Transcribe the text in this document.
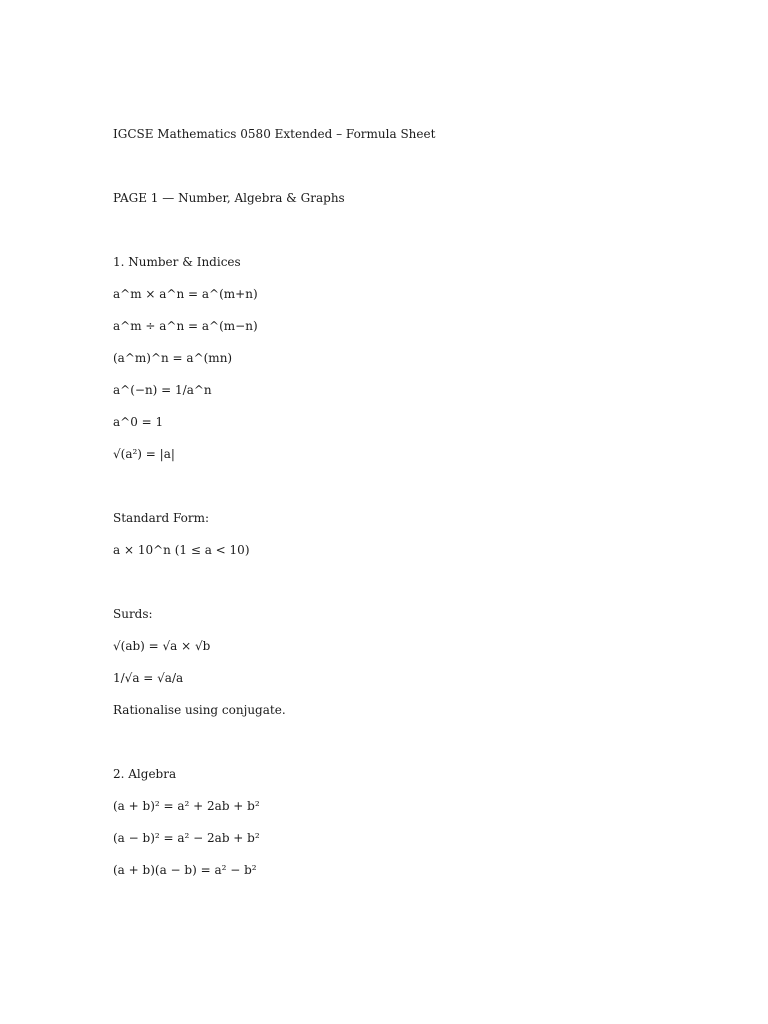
IGCSE Mathematics 0580 Extended – Formula Sheet
PAGE 1 — Number, Algebra & Graphs
1. Number & Indices

a^m × a^n = a^(m+n)

a^m ÷ a^n = a^(m−n)

(a^m)^n = a^(mn)

a^(−n) = 1/a^n

a^0 = 1

√(a²) = |a|

Standard Form:

a × 10^n (1 ≤ a < 10)

Surds:

√(ab) = √a × √b

1/√a = √a/a

Rationalise using conjugate.

2. Algebra

(a + b)² = a² + 2ab + b²

(a − b)² = a² − 2ab + b²

(a + b)(a − b) = a² − b²
